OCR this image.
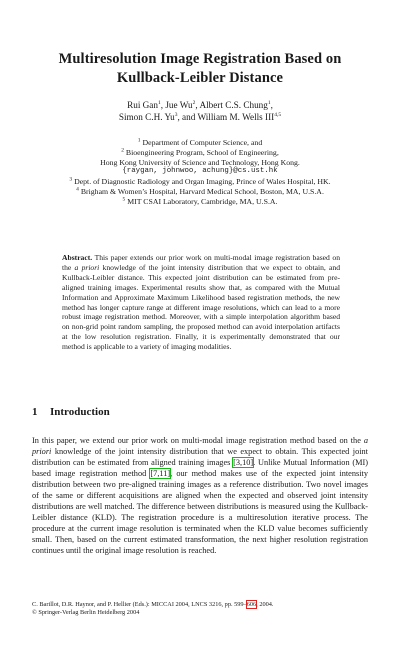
Multiresolution Image Registration Based on
Kullback-Leibler Distance
Rui Gan$^1$, Jue Wu$^2$, Albert C.S. Chung$^1$,
Simon C.H. Yu$^3$, and William M. Wells III$^{4,5}$
$^1$ Department of Computer Science, and
$^2$ Bioengineering Program, School of Engineering,
Hong Kong University of Science and Technology, Hong Kong.
{raygan, johnwoo, achung}@cs.ust.hk
$^3$ Dept. of Diagnostic Radiology and Organ Imaging, Prince of Wales Hospital, HK.
$^4$ Brigham & Women’s Hospital, Harvard Medical School, Boston, MA, U.S.A.
$^5$ MIT CSAI Laboratory, Cambridge, MA, U.S.A.
Abstract. This paper extends our prior work on multi-modal image registration based on the a priori knowledge of the joint intensity distribution that we expect to obtain, and Kullback-Leibler distance. This expected joint distribution can be estimated from pre-aligned training images. Experimental results show that, as compared with the Mutual Information and Approximate Maximum Likelihood based registration methods, the new method has longer capture range at different image resolutions, which can lead to a more robust image registration method. Moreover, with a simple interpolation algorithm based on non-grid point random sampling, the proposed method can avoid interpolation artifacts at the low resolution registration. Finally, it is experimentally demonstrated that our method is applicable to a variety of imaging modalities.
1 Introduction
In this paper, we extend our prior work on multi-modal image registration method based on the a priori knowledge of the joint intensity distribution that we expect to obtain. This expected joint distribution can be estimated from aligned training images [3,10]. Unlike Mutual Information (MI) based image registration method [7,11], our method makes use of the expected joint intensity distribution between two pre-aligned training images as a reference distribution. Two novel images of the same or different acquisitions are aligned when the expected and observed joint intensity distributions are well matched. The difference between distributions is measured using the Kullback-Leibler distance (KLD). The registration procedure is a multiresolution iterative process. The procedure at the current image resolution is terminated when the KLD value becomes sufficiently small. Then, based on the current estimated transformation, the next higher resolution registration continues until the original image resolution is reached.
C. Barillot, D.R. Haynor, and P. Hellier (Eds.): MICCAI 2004, LNCS 3216, pp. 599–606, 2004.
© Springer-Verlag Berlin Heidelberg 2004
